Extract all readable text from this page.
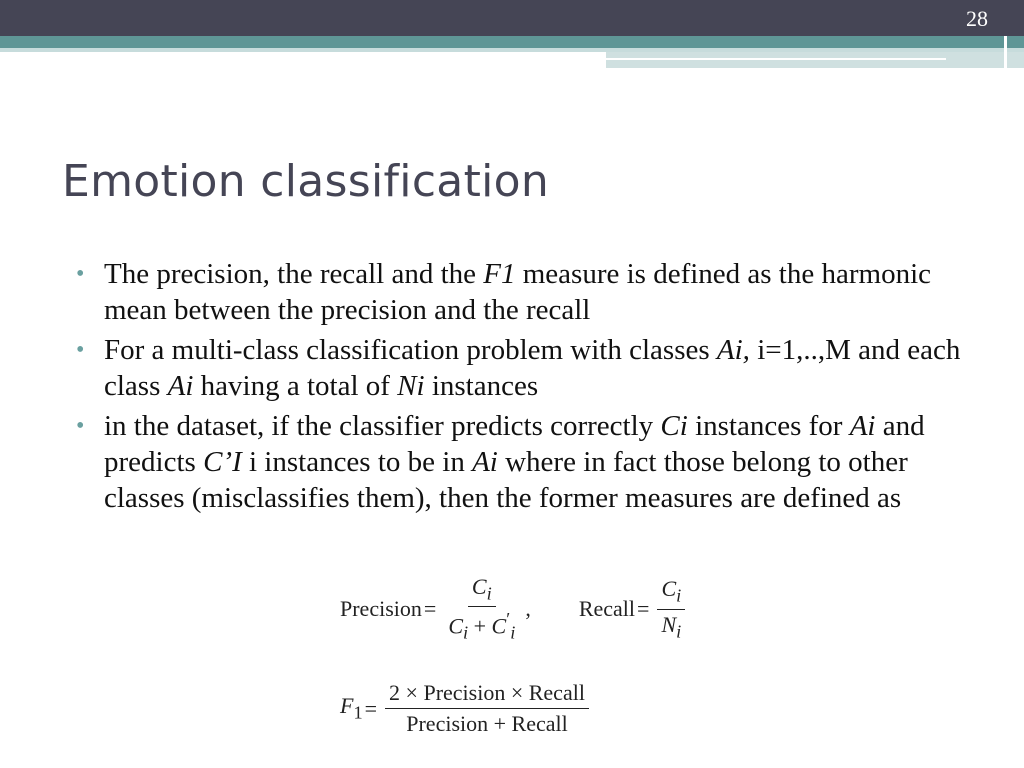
28
Emotion classification
• The precision, the recall and the F1 measure is defined as the harmonic mean between the precision and the recall
• For a multi-class classification problem with classes Ai, i=1,..,M and each class Ai having a total of Ni instances
• in the dataset, if the classifier predicts correctly Ci instances for Ai and predicts C’I i instances to be in Ai where in fact those belong to other classes (misclassifies them), then the former measures are defined as
Precision = $\frac{C_i}{C_i + C'_i}$ , Recall = $\frac{C_i}{N_i}$
$F_1 = \frac{\text{2 × Precision × Recall}}{\text{Precision + Recall}}$
